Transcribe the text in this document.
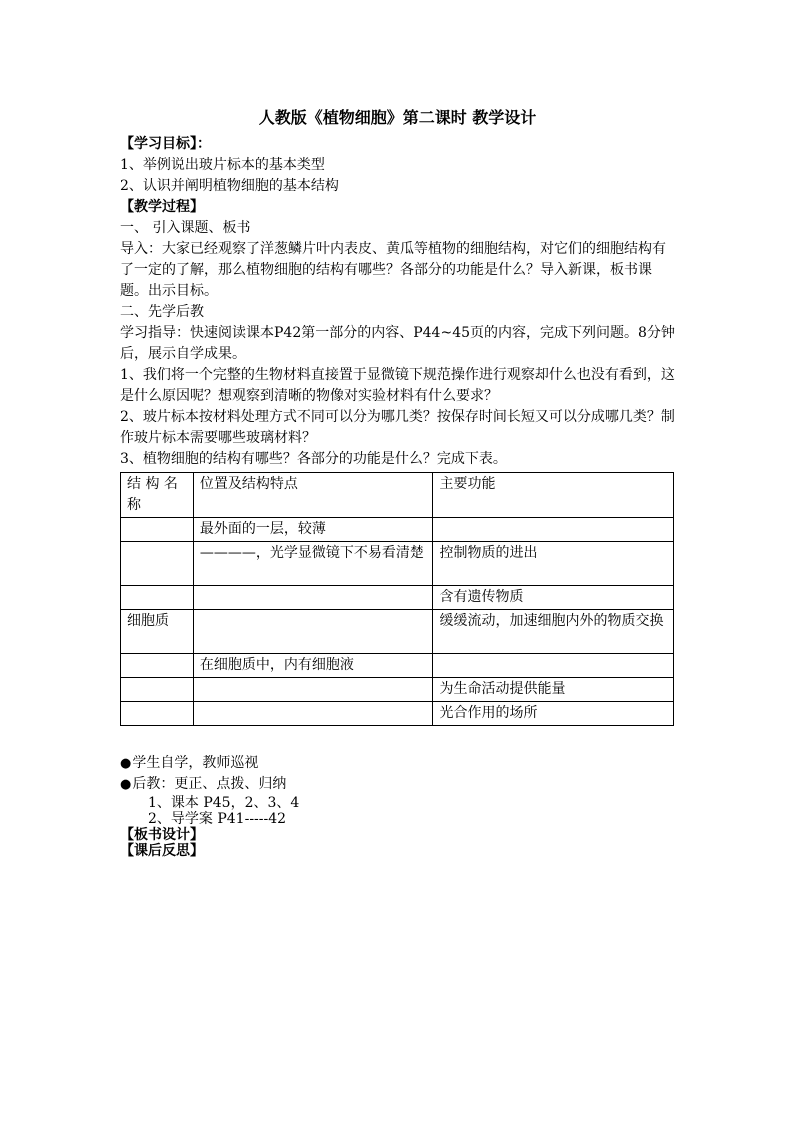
人教版《植物细胞》第二课时 教学设计
【学习目标】：
1、举例说出玻片标本的基本类型
2、认识并阐明植物细胞的基本结构
【教学过程】
一、 引入课题、板书
导入：大家已经观察了洋葱鳞片叶内表皮、黄瓜等植物的细胞结构，对它们的细胞结构有了一定的了解，那么植物细胞的结构有哪些？各部分的功能是什么？导入新课，板书课题。出示目标。
二、先学后教
学习指导：快速阅读课本P42第一部分的内容、P44~45页的内容，完成下列问题。8分钟后，展示自学成果。
1、我们将一个完整的生物材料直接置于显微镜下规范操作进行观察却什么也没有看到，这是什么原因呢？想观察到清晰的物像对实验材料有什么要求？
2、玻片标本按材料处理方式不同可以分为哪几类？按保存时间长短又可以分成哪几类？制作玻片标本需要哪些玻璃材料？
3、植物细胞的结构有哪些？各部分的功能是什么？完成下表。
结 构 名称	位置及结构特点	主要功能
	最外面的一层，较薄	
	————，光学显微镜下不易看清楚	控制物质的进出
		含有遗传物质
细胞质		缓缓流动，加速细胞内外的物质交换
	在细胞质中，内有细胞液	
		为生命活动提供能量
		光合作用的场所
●学生自学，教师巡视
●后教：更正、点拨、归纳
1、课本 P45，2、3、4
2、导学案 P41-----42
【板书设计】
【课后反思】
